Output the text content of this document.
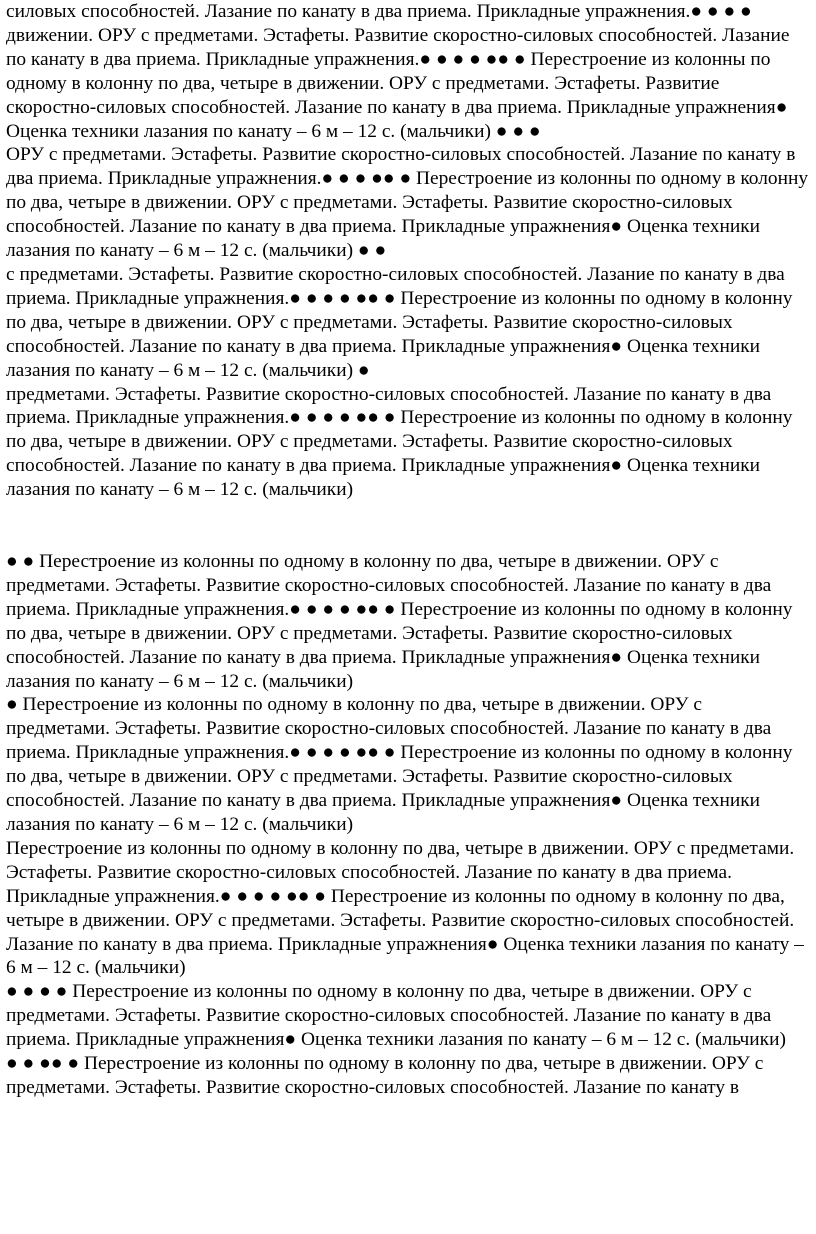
силовых способностей. Лазание по канату в два приема. Прикладные упражнения.● ● ● ●

движении. ОРУ с предметами. Эстафеты. Развитие скоростно-силовых способностей. Лазание по канату в два приема. Прикладные упражнения.● ● ● ● ●● ● Перестроение из колонны по одному в колонну по два, четыре в движении. ОРУ с предметами. Эстафеты. Развитие скоростно-силовых способностей. Лазание по канату в два приема. Прикладные упражнения● Оценка техники лазания по канату – 6 м – 12 с. (мальчики) ● ● ●

ОРУ с предметами. Эстафеты. Развитие скоростно-силовых способностей. Лазание по канату в два приема. Прикладные упражнения.● ● ● ●● ● Перестроение из колонны по одному в колонну по два, четыре в движении. ОРУ с предметами. Эстафеты. Развитие скоростно-силовых способностей. Лазание по канату в два приема. Прикладные упражнения● Оценка техники лазания по канату – 6 м – 12 с. (мальчики) ● ●

с предметами. Эстафеты. Развитие скоростно-силовых способностей. Лазание по канату в два приема. Прикладные упражнения.● ● ● ● ●● ● Перестроение из колонны по одному в колонну по два, четыре в движении. ОРУ с предметами. Эстафеты. Развитие скоростно-силовых способностей. Лазание по канату в два приема. Прикладные упражнения● Оценка техники лазания по канату – 6 м – 12 с. (мальчики) ●

предметами. Эстафеты. Развитие скоростно-силовых способностей. Лазание по канату в два приема. Прикладные упражнения.● ● ● ● ●● ● Перестроение из колонны по одному в колонну по два, четыре в движении. ОРУ с предметами. Эстафеты. Развитие скоростно-силовых способностей. Лазание по канату в два приема. Прикладные упражнения● Оценка техники лазания по канату – 6 м – 12 с. (мальчики)

● ● Перестроение из колонны по одному в колонну по два, четыре в движении. ОРУ с предметами. Эстафеты. Развитие скоростно-силовых способностей. Лазание по канату в два приема. Прикладные упражнения.● ● ● ● ●● ● Перестроение из колонны по одному в колонну по два, четыре в движении. ОРУ с предметами. Эстафеты. Развитие скоростно-силовых способностей. Лазание по канату в два приема. Прикладные упражнения● Оценка техники лазания по канату – 6 м – 12 с. (мальчики)

● Перестроение из колонны по одному в колонну по два, четыре в движении. ОРУ с предметами. Эстафеты. Развитие скоростно-силовых способностей. Лазание по канату в два приема. Прикладные упражнения.● ● ● ● ●● ● Перестроение из колонны по одному в колонну по два, четыре в движении. ОРУ с предметами. Эстафеты. Развитие скоростно-силовых способностей. Лазание по канату в два приема. Прикладные упражнения● Оценка техники лазания по канату – 6 м – 12 с. (мальчики)

Перестроение из колонны по одному в колонну по два, четыре в движении. ОРУ с предметами. Эстафеты. Развитие скоростно-силовых способностей. Лазание по канату в два приема. Прикладные упражнения.● ● ● ● ●● ● Перестроение из колонны по одному в колонну по два, четыре в движении. ОРУ с предметами. Эстафеты. Развитие скоростно-силовых способностей. Лазание по канату в два приема. Прикладные упражнения● Оценка техники лазания по канату – 6 м – 12 с. (мальчики)

● ● ● ● Перестроение из колонны по одному в колонну по два, четыре в движении. ОРУ с предметами. Эстафеты. Развитие скоростно-силовых способностей. Лазание по канату в два приема. Прикладные упражнения● Оценка техники лазания по канату – 6 м – 12 с. (мальчики)

● ● ●● ● Перестроение из колонны по одному в колонну по два, четыре в движении. ОРУ с предметами. Эстафеты. Развитие скоростно-силовых способностей. Лазание по канату в
